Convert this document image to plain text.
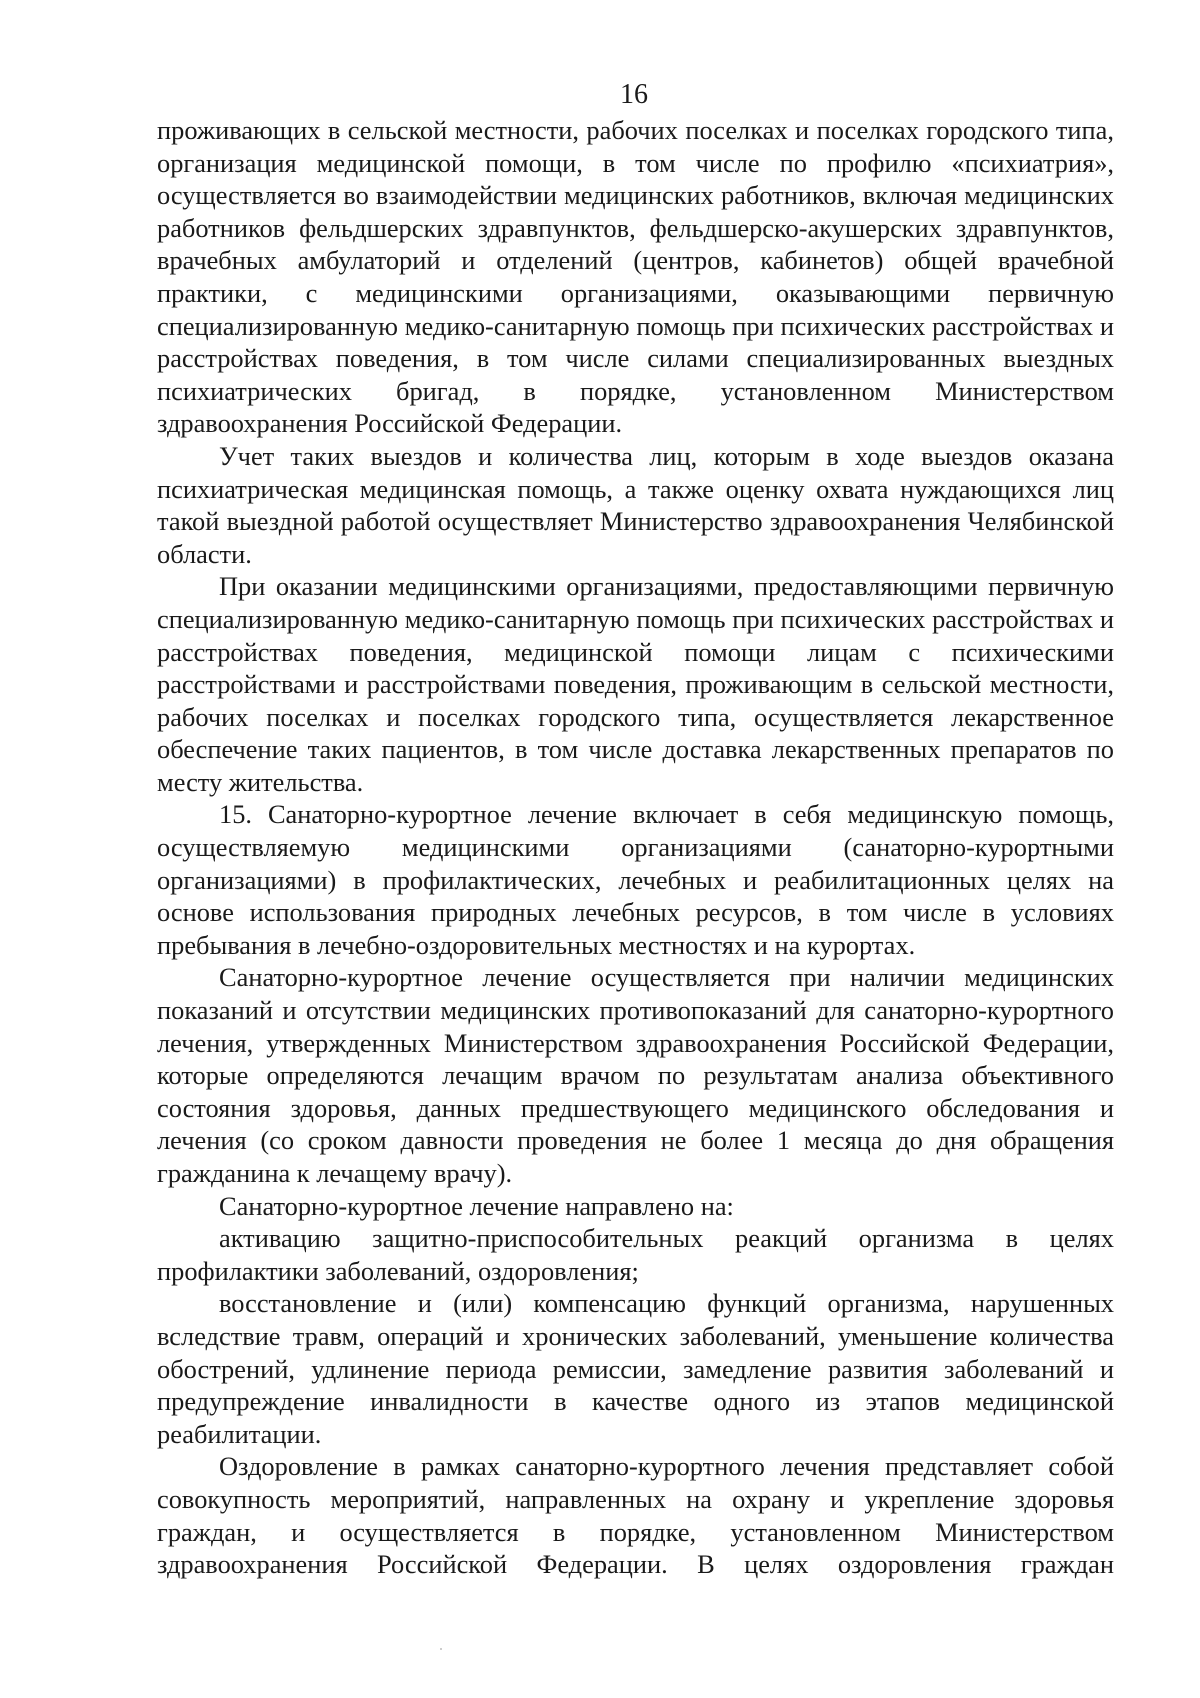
16

проживающих в сельской местности, рабочих поселках и поселках городского типа, организация медицинской помощи, в том числе по профилю «психиатрия», осуществляется во взаимодействии медицинских работников, включая медицинских работников фельдшерских здравпунктов, фельдшерско-акушерских здравпунктов, врачебных амбулаторий и отделений (центров, кабинетов) общей врачебной практики, с медицинскими организациями, оказывающими первичную специализированную медико-санитарную помощь при психических расстройствах и расстройствах поведения, в том числе силами специализированных выездных психиатрических бригад, в порядке, установленном Министерством здравоохранения Российской Федерации.

Учет таких выездов и количества лиц, которым в ходе выездов оказана психиатрическая медицинская помощь, а также оценку охвата нуждающихся лиц такой выездной работой осуществляет Министерство здравоохранения Челябинской области.

При оказании медицинскими организациями, предоставляющими первичную специализированную медико-санитарную помощь при психических расстройствах и расстройствах поведения, медицинской помощи лицам с психическими расстройствами и расстройствами поведения, проживающим в сельской местности, рабочих поселках и поселках городского типа, осуществляется лекарственное обеспечение таких пациентов, в том числе доставка лекарственных препаратов по месту жительства.

15. Санаторно-курортное лечение включает в себя медицинскую помощь, осуществляемую медицинскими организациями (санаторно-курортными организациями) в профилактических, лечебных и реабилитационных целях на основе использования природных лечебных ресурсов, в том числе в условиях пребывания в лечебно-оздоровительных местностях и на курортах.

Санаторно-курортное лечение осуществляется при наличии медицинских показаний и отсутствии медицинских противопоказаний для санаторно-курортного лечения, утвержденных Министерством здравоохранения Российской Федерации, которые определяются лечащим врачом по результатам анализа объективного состояния здоровья, данных предшествующего медицинского обследования и лечения (со сроком давности проведения не более 1 месяца до дня обращения гражданина к лечащему врачу).

Санаторно-курортное лечение направлено на:

активацию защитно-приспособительных реакций организма в целях профилактики заболеваний, оздоровления;

восстановление и (или) компенсацию функций организма, нарушенных вследствие травм, операций и хронических заболеваний, уменьшение количества обострений, удлинение периода ремиссии, замедление развития заболеваний и предупреждение инвалидности в качестве одного из этапов медицинской реабилитации.

Оздоровление в рамках санаторно-курортного лечения представляет собой совокупность мероприятий, направленных на охрану и укрепление здоровья граждан, и осуществляется в порядке, установленном Министерством здравоохранения Российской Федерации. В целях оздоровления граждан
